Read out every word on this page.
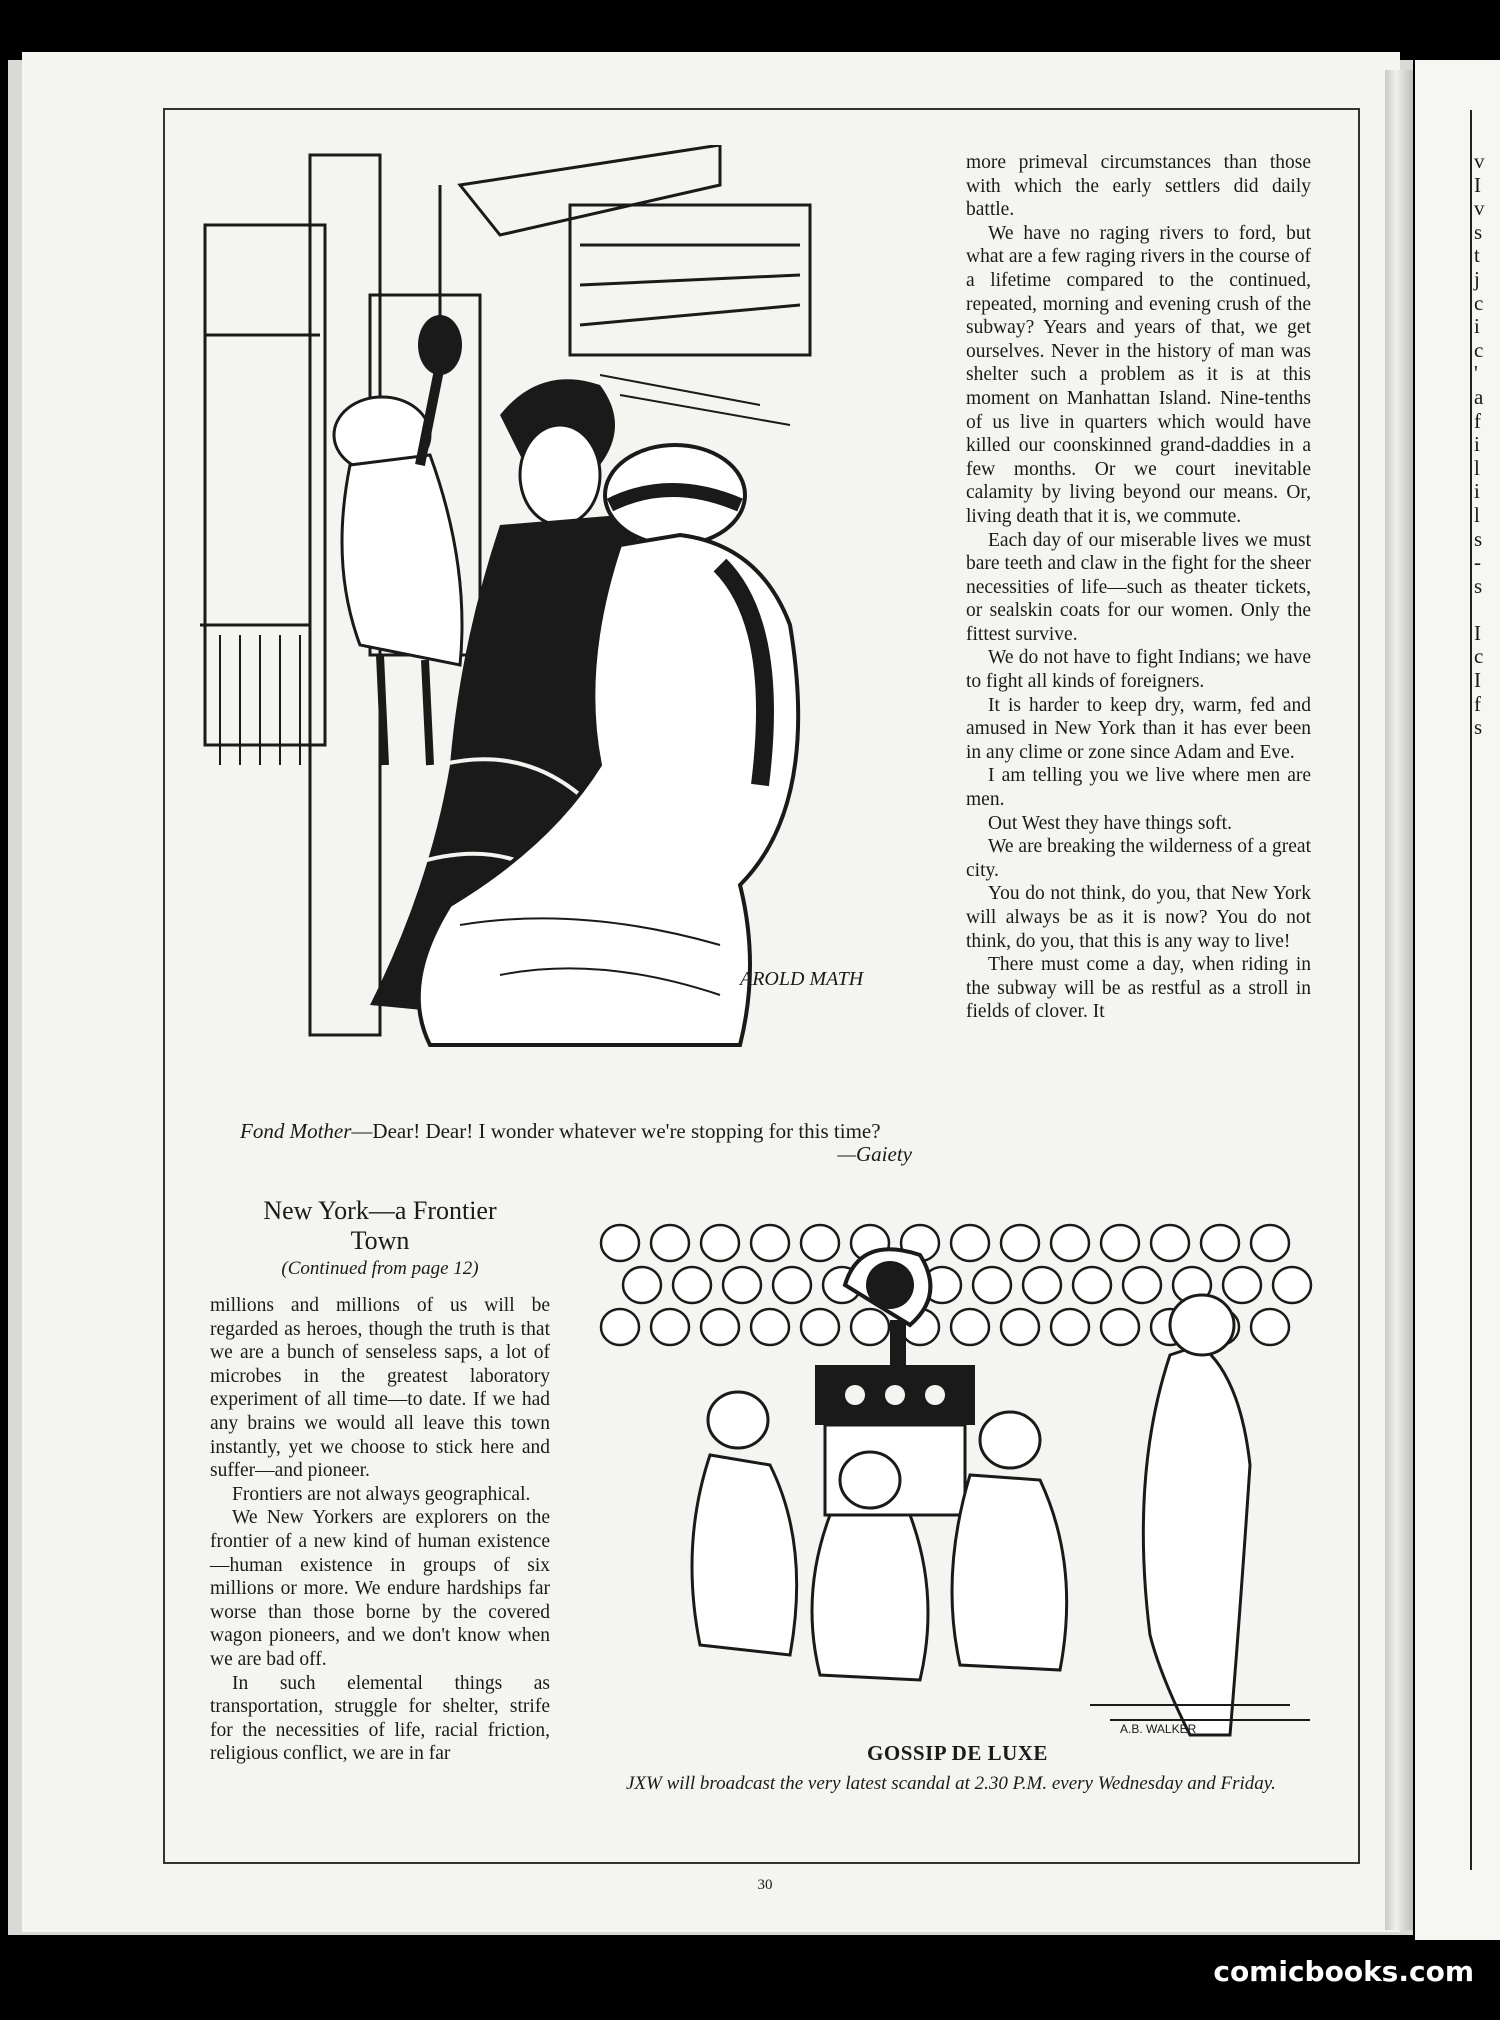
v
I
v
s
t
j
c
i
c
'
a
f
i
l
i
l
s
-
s

I
c
I
f
s
AROLD MATH
Fond Mother—Dear! Dear! I wonder whatever we're stopping for this time?
—Gaiety

more primeval circumstances than those with which the early settlers did daily battle.

We have no raging rivers to ford, but what are a few raging rivers in the course of a lifetime compared to the continued, repeated, morning and evening crush of the subway? Years and years of that, we get ourselves. Never in the history of man was shelter such a problem as it is at this moment on Manhattan Island. Nine-tenths of us live in quarters which would have killed our coonskinned grand-daddies in a few months. Or we court inevitable calamity by living beyond our means. Or, living death that it is, we commute.

Each day of our miserable lives we must bare teeth and claw in the fight for the sheer necessities of life—such as theater tickets, or sealskin coats for our women. Only the fittest survive.

We do not have to fight Indians; we have to fight all kinds of foreigners.

It is harder to keep dry, warm, fed and amused in New York than it has ever been in any clime or zone since Adam and Eve.

I am telling you we live where men are men.

Out West they have things soft.

We are breaking the wilderness of a great city.

You do not think, do you, that New York will always be as it is now? You do not think, do you, that this is any way to live!

There must come a day, when riding in the subway will be as restful as a stroll in fields of clover. It

New York—a Frontier
Town
(Continued from page 12)

millions and millions of us will be regarded as heroes, though the truth is that we are a bunch of senseless saps, a lot of microbes in the greatest laboratory experiment of all time—to date. If we had any brains we would all leave this town instantly, yet we choose to stick here and suffer—and pioneer.

Frontiers are not always geographical.

We New Yorkers are explorers on the frontier of a new kind of human existence—human existence in groups of six millions or more. We endure hardships far worse than those borne by the covered wagon pioneers, and we don't know when we are bad off.

In such elemental things as transportation, struggle for shelter, strife for the necessities of life, racial friction, religious conflict, we are in far

A.B. WALKER
GOSSIP DE LUXE
JXW will broadcast the very latest scandal at 2.30 P.M. every Wednesday and Friday.
30
comicbooks.com
